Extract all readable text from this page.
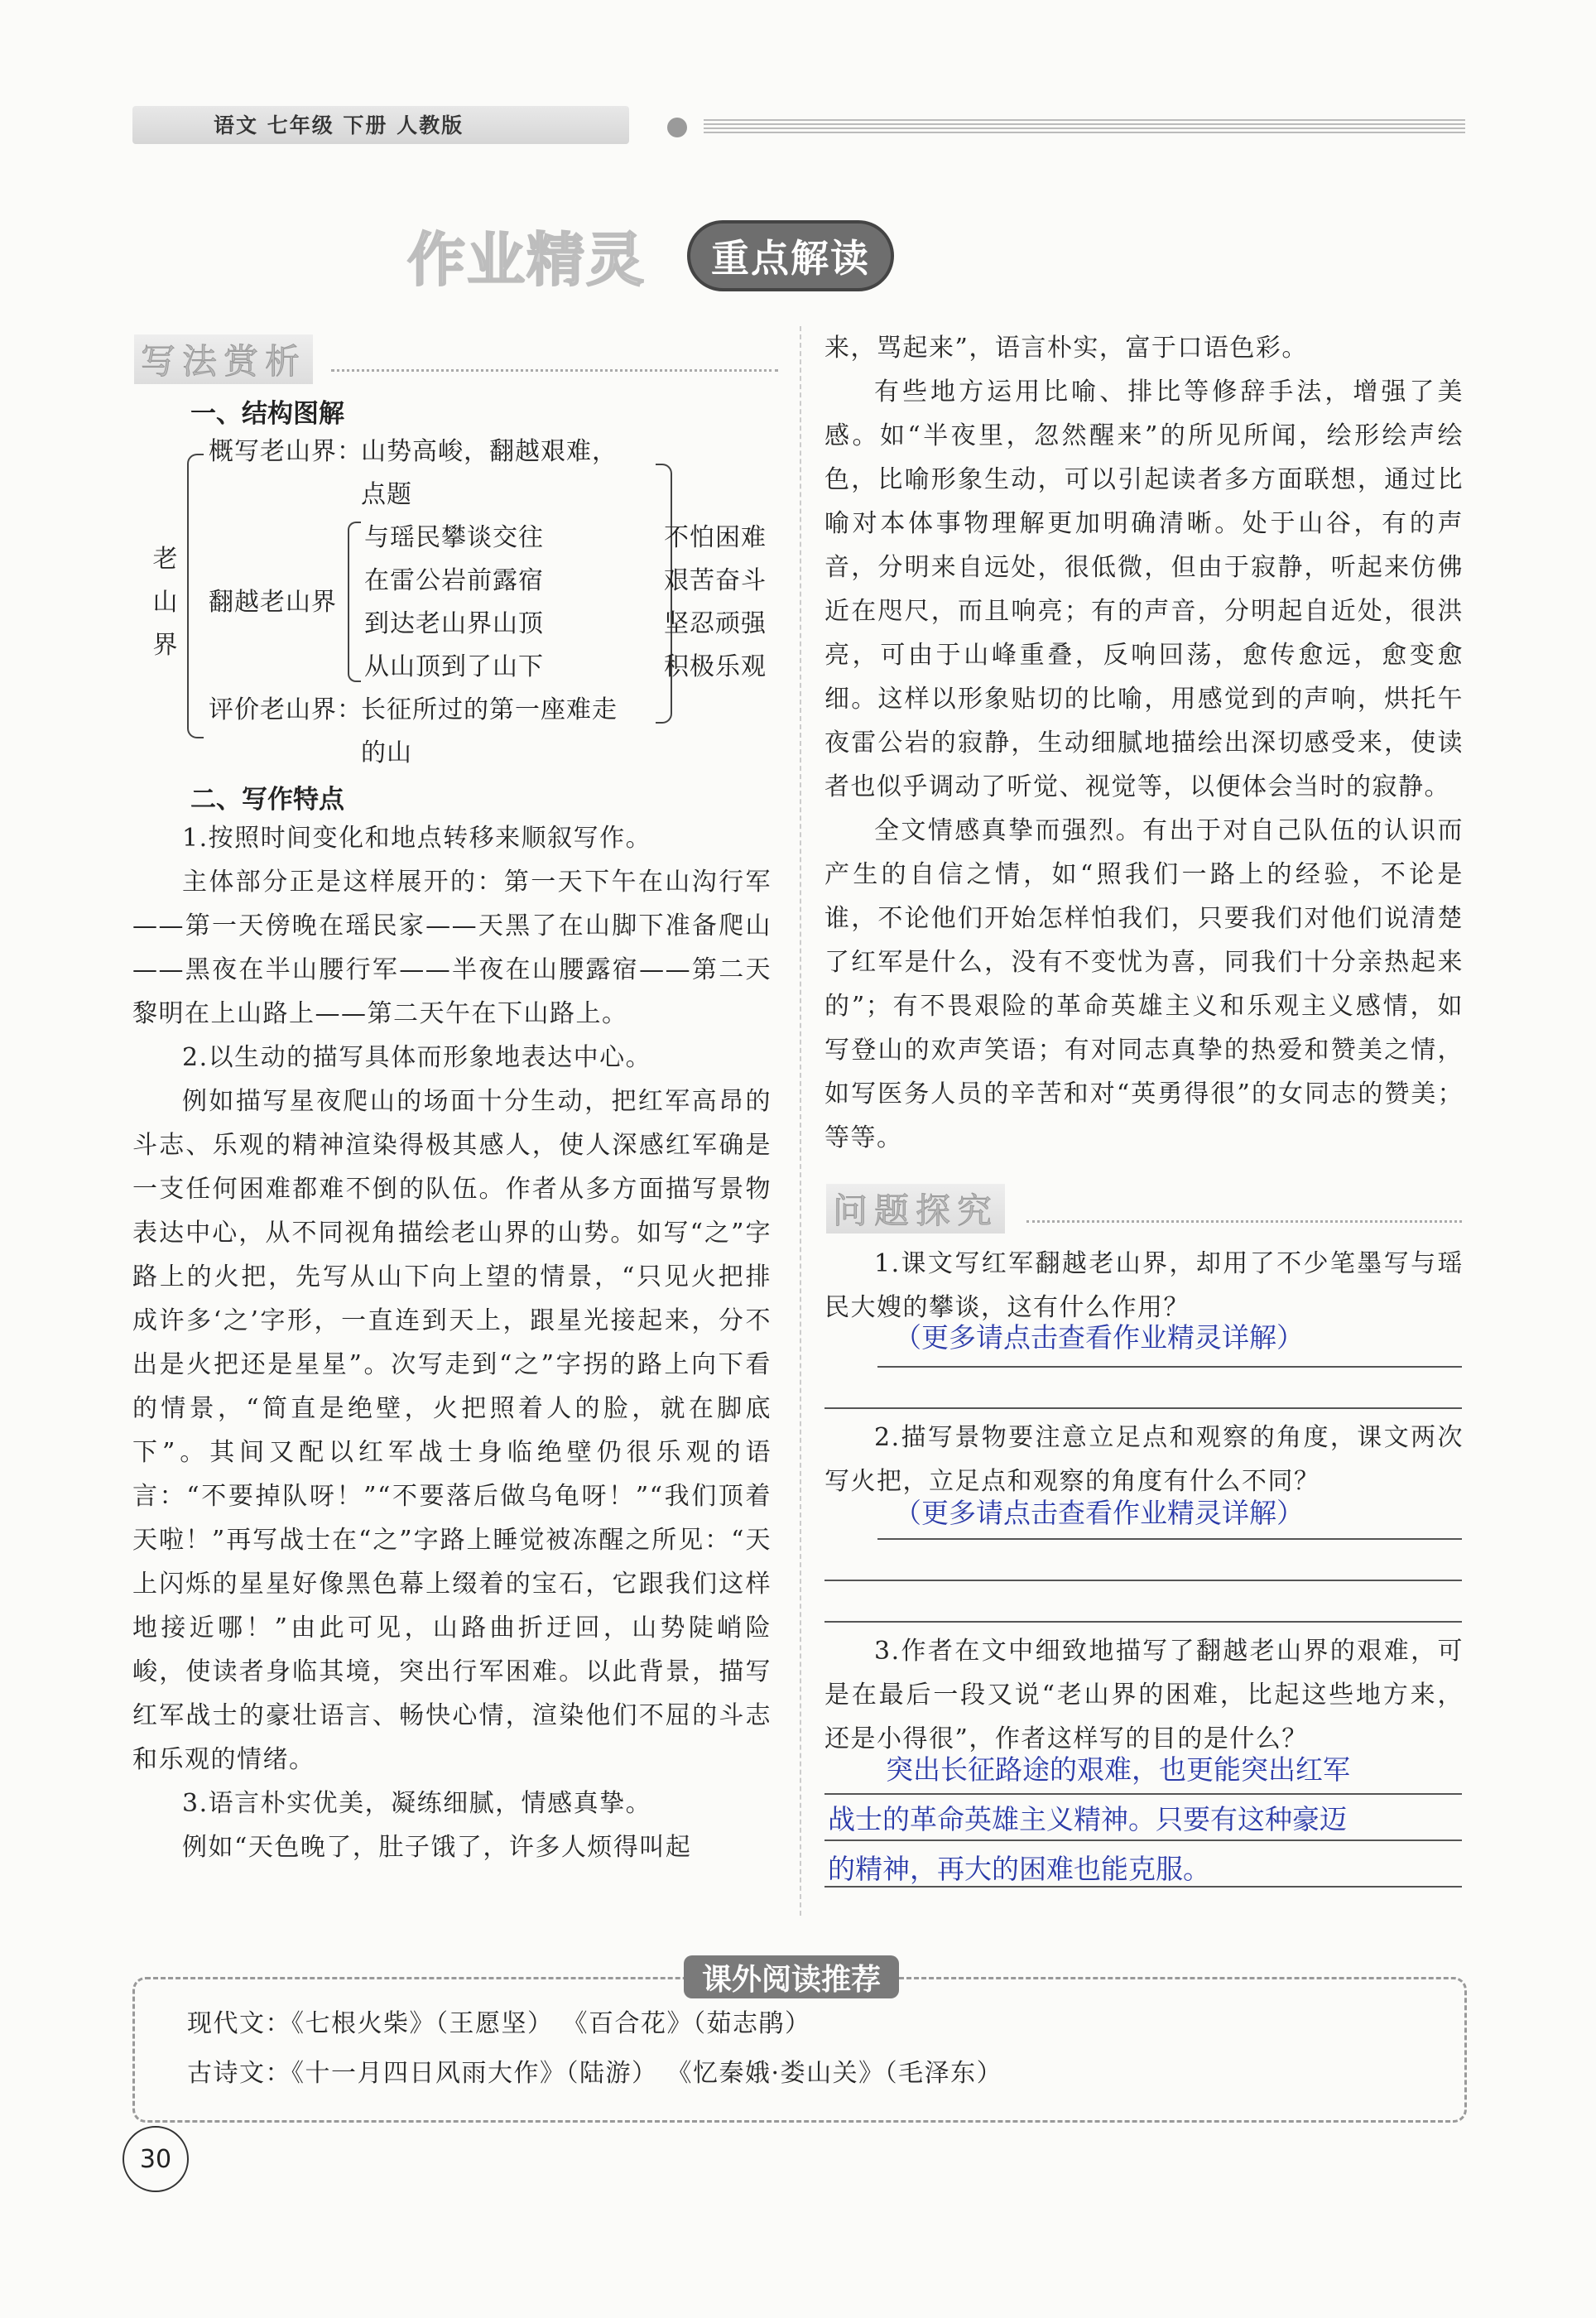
语文 七年级 下册 人教版
作业精灵	重点解读
写法赏析
一、结构图解
老
山
界
概写老山界：
山势高峻，翻越艰难，
点题
翻越老山界
与瑶民攀谈交往
在雷公岩前露宿
到达老山界山顶
从山顶到了山下
评价老山界：
长征所过的第一座难走
的山
不怕困难
艰苦奋斗
坚忍顽强
积极乐观
二、写作特点

1.按照时间变化和地点转移来顺叙写作。

主体部分正是这样展开的：第一天下午在山沟行军——第一天傍晚在瑶民家——天黑了在山脚下准备爬山——黑夜在半山腰行军——半夜在山腰露宿——第二天黎明在上山路上——第二天午在下山路上。

2.以生动的描写具体而形象地表达中心。

例如描写星夜爬山的场面十分生动，把红军高昂的斗志、乐观的精神渲染得极其感人，使人深感红军确是一支任何困难都难不倒的队伍。作者从多方面描写景物表达中心，从不同视角描绘老山界的山势。如写“之”字路上的火把，先写从山下向上望的情景，“只见火把排成许多‘之’字形，一直连到天上，跟星光接起来，分不出是火把还是星星”。次写走到“之”字拐的路上向下看的情景，“简直是绝壁，火把照着人的脸，就在脚底下”。其间又配以红军战士身临绝壁仍很乐观的语言：“不要掉队呀！”“不要落后做乌龟呀！”“我们顶着天啦！”再写战士在“之”字路上睡觉被冻醒之所见：“天上闪烁的星星好像黑色幕上缀着的宝石，它跟我们这样地接近哪！”由此可见，山路曲折迂回，山势陡峭险峻，使读者身临其境，突出行军困难。以此背景，描写红军战士的豪壮语言、畅快心情，渲染他们不屈的斗志和乐观的情绪。

3.语言朴实优美，凝练细腻，情感真挚。

例如“天色晚了，肚子饿了，许多人烦得叫起

来，骂起来”，语言朴实，富于口语色彩。

有些地方运用比喻、排比等修辞手法，增强了美感。如“半夜里，忽然醒来”的所见所闻，绘形绘声绘色，比喻形象生动，可以引起读者多方面联想，通过比喻对本体事物理解更加明确清晰。处于山谷，有的声音，分明来自远处，很低微，但由于寂静，听起来仿佛近在咫尺，而且响亮；有的声音，分明起自近处，很洪亮，可由于山峰重叠，反响回荡，愈传愈远，愈变愈细。这样以形象贴切的比喻，用感觉到的声响，烘托午夜雷公岩的寂静，生动细腻地描绘出深切感受来，使读者也似乎调动了听觉、视觉等，以便体会当时的寂静。

全文情感真挚而强烈。有出于对自己队伍的认识而产生的自信之情，如“照我们一路上的经验，不论是谁，不论他们开始怎样怕我们，只要我们对他们说清楚了红军是什么，没有不变忧为喜，同我们十分亲热起来的”；有不畏艰险的革命英雄主义和乐观主义感情，如写登山的欢声笑语；有对同志真挚的热爱和赞美之情，如写医务人员的辛苦和对“英勇得很”的女同志的赞美；等等。

问题探究

1.课文写红军翻越老山界，却用了不少笔墨写与瑶民大嫂的攀谈，这有什么作用？

（更多请点击查看作业精灵详解）

2.描写景物要注意立足点和观察的角度，课文两次写火把，立足点和观察的角度有什么不同？

（更多请点击查看作业精灵详解）

3.作者在文中细致地描写了翻越老山界的艰难，可是在最后一段又说“老山界的困难，比起这些地方来，还是小得很”，作者这样写的目的是什么？

突出长征路途的艰难，也更能突出红军
战士的革命英雄主义精神。只要有这种豪迈
的精神，再大的困难也能克服。
课外阅读推荐
现代文：《七根火柴》（王愿坚） 《百合花》（茹志鹃）
古诗文：《十一月四日风雨大作》（陆游） 《忆秦娥·娄山关》（毛泽东）
30
